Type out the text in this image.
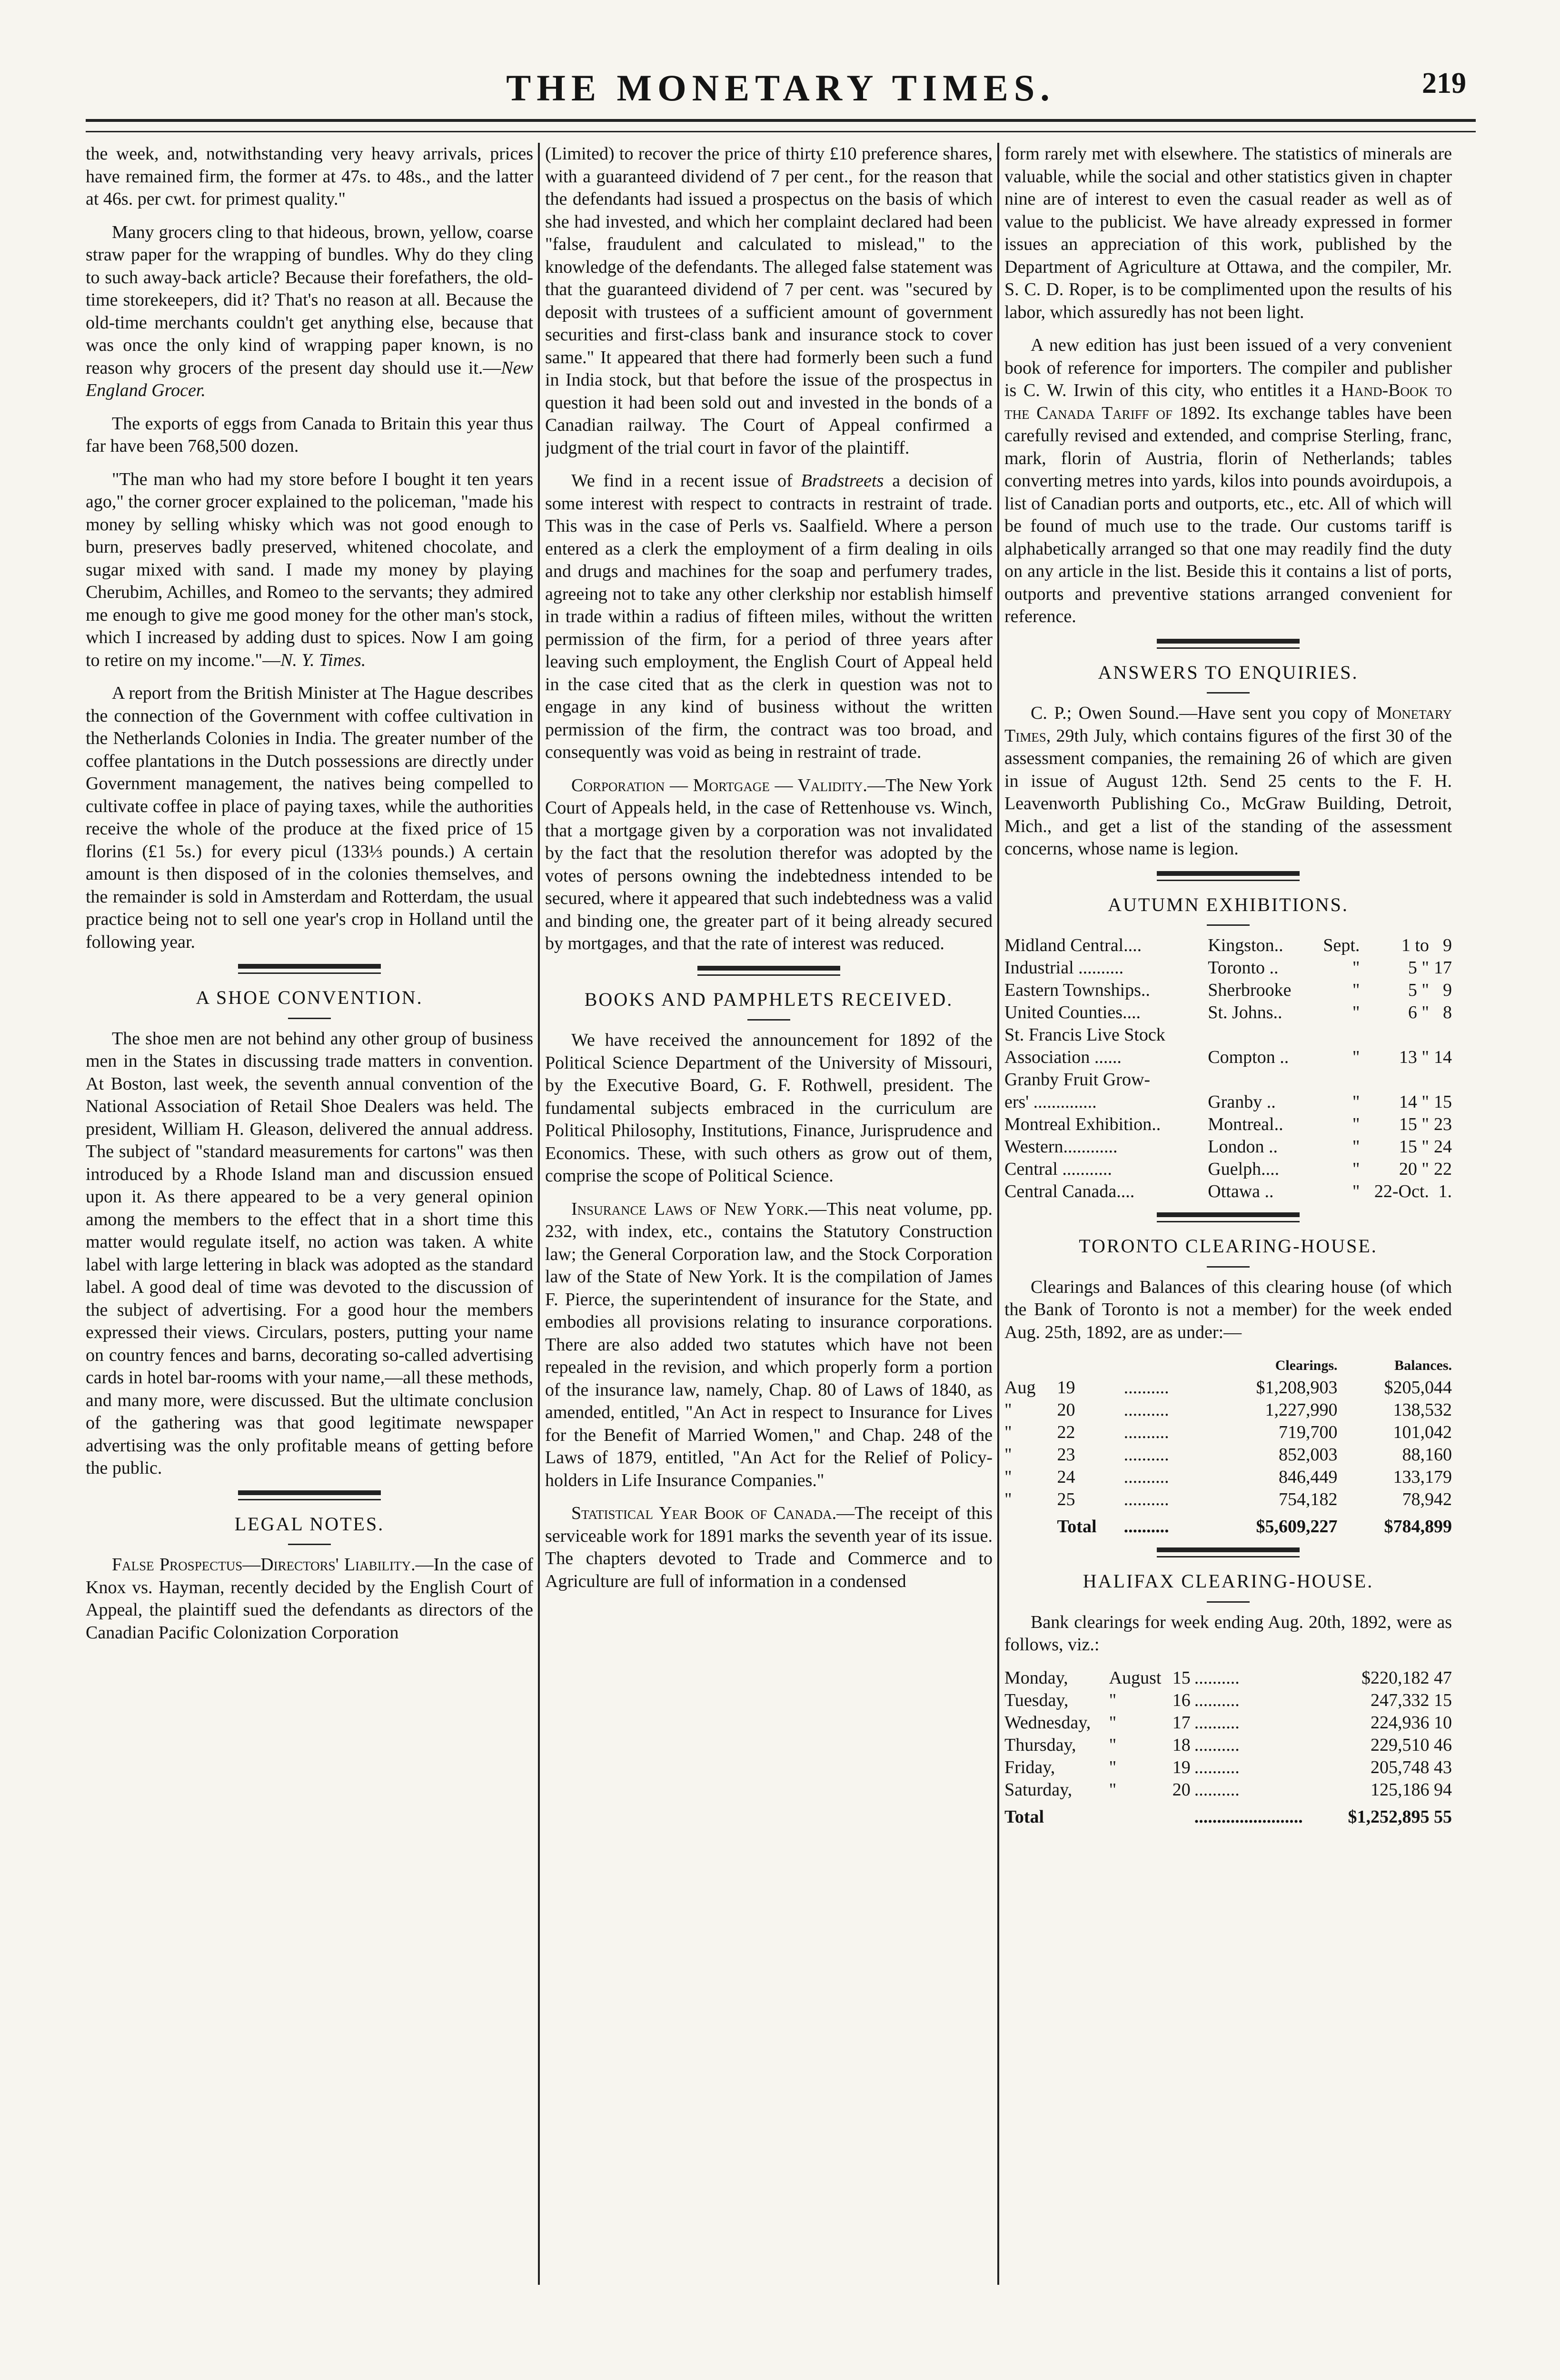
THE MONETARY TIMES.	219

the week, and, notwithstanding very heavy arrivals, prices have remained firm, the former at 47s. to 48s., and the latter at 46s. per cwt. for primest quality."

Many grocers cling to that hideous, brown, yellow, coarse straw paper for the wrapping of bundles. Why do they cling to such away-back article? Because their forefathers, the old-time storekeepers, did it? That's no reason at all. Because the old-time merchants couldn't get anything else, because that was once the only kind of wrapping paper known, is no reason why grocers of the present day should use it.—New England Grocer.

The exports of eggs from Canada to Britain this year thus far have been 768,500 dozen.

"The man who had my store before I bought it ten years ago," the corner grocer explained to the policeman, "made his money by selling whisky which was not good enough to burn, preserves badly preserved, whitened chocolate, and sugar mixed with sand. I made my money by playing Cherubim, Achilles, and Romeo to the servants; they admired me enough to give me good money for the other man's stock, which I increased by adding dust to spices. Now I am going to retire on my income."—N. Y. Times.

A report from the British Minister at The Hague describes the connection of the Government with coffee cultivation in the Netherlands Colonies in India. The greater number of the coffee plantations in the Dutch possessions are directly under Government management, the natives being compelled to cultivate coffee in place of paying taxes, while the authorities receive the whole of the produce at the fixed price of 15 florins (£1 5s.) for every picul (133⅓ pounds.) A certain amount is then disposed of in the colonies themselves, and the remainder is sold in Amsterdam and Rotterdam, the usual practice being not to sell one year's crop in Holland until the following year.

A SHOE CONVENTION.

The shoe men are not behind any other group of business men in the States in discussing trade matters in convention. At Boston, last week, the seventh annual convention of the National Association of Retail Shoe Dealers was held. The president, William H. Gleason, delivered the annual address. The subject of "standard measurements for cartons" was then introduced by a Rhode Island man and discussion ensued upon it. As there appeared to be a very general opinion among the members to the effect that in a short time this matter would regulate itself, no action was taken. A white label with large lettering in black was adopted as the standard label. A good deal of time was devoted to the discussion of the subject of advertising. For a good hour the members expressed their views. Circulars, posters, putting your name on country fences and barns, decorating so-called advertising cards in hotel bar-rooms with your name,—all these methods, and many more, were discussed. But the ultimate conclusion of the gathering was that good legitimate newspaper advertising was the only profitable means of getting before the public.

LEGAL NOTES.

False Prospectus—Directors' Liability.—In the case of Knox vs. Hayman, recently decided by the English Court of Appeal, the plaintiff sued the defendants as directors of the Canadian Pacific Colonization Corporation

(Limited) to recover the price of thirty £10 preference shares, with a guaranteed dividend of 7 per cent., for the reason that the defendants had issued a prospectus on the basis of which she had invested, and which her complaint declared had been "false, fraudulent and calculated to mislead," to the knowledge of the defendants. The alleged false statement was that the guaranteed dividend of 7 per cent. was "secured by deposit with trustees of a sufficient amount of government securities and first-class bank and insurance stock to cover same." It appeared that there had formerly been such a fund in India stock, but that before the issue of the prospectus in question it had been sold out and invested in the bonds of a Canadian railway. The Court of Appeal confirmed a judgment of the trial court in favor of the plaintiff.

We find in a recent issue of Bradstreets a decision of some interest with respect to contracts in restraint of trade. This was in the case of Perls vs. Saalfield. Where a person entered as a clerk the employment of a firm dealing in oils and drugs and machines for the soap and perfumery trades, agreeing not to take any other clerkship nor establish himself in trade within a radius of fifteen miles, without the written permission of the firm, for a period of three years after leaving such employment, the English Court of Appeal held in the case cited that as the clerk in question was not to engage in any kind of business without the written permission of the firm, the contract was too broad, and consequently was void as being in restraint of trade.

Corporation — Mortgage — Validity.—The New York Court of Appeals held, in the case of Rettenhouse vs. Winch, that a mortgage given by a corporation was not invalidated by the fact that the resolution therefor was adopted by the votes of persons owning the indebtedness intended to be secured, where it appeared that such indebtedness was a valid and binding one, the greater part of it being already secured by mortgages, and that the rate of interest was reduced.

BOOKS AND PAMPHLETS RECEIVED.

We have received the announcement for 1892 of the Political Science Department of the University of Missouri, by the Executive Board, G. F. Rothwell, president. The fundamental subjects embraced in the curriculum are Political Philosophy, Institutions, Finance, Jurisprudence and Economics. These, with such others as grow out of them, comprise the scope of Political Science.

Insurance Laws of New York.—This neat volume, pp. 232, with index, etc., contains the Statutory Construction law; the General Corporation law, and the Stock Corporation law of the State of New York. It is the compilation of James F. Pierce, the superintendent of insurance for the State, and embodies all provisions relating to insurance corporations. There are also added two statutes which have not been repealed in the revision, and which properly form a portion of the insurance law, namely, Chap. 80 of Laws of 1840, as amended, entitled, "An Act in respect to Insurance for Lives for the Benefit of Married Women," and Chap. 248 of the Laws of 1879, entitled, "An Act for the Relief of Policy-holders in Life Insurance Companies."

Statistical Year Book of Canada.—The receipt of this serviceable work for 1891 marks the seventh year of its issue. The chapters devoted to Trade and Commerce and to Agriculture are full of information in a condensed

form rarely met with elsewhere. The statistics of minerals are valuable, while the social and other statistics given in chapter nine are of interest to even the casual reader as well as of value to the publicist. We have already expressed in former issues an appreciation of this work, published by the Department of Agriculture at Ottawa, and the compiler, Mr. S. C. D. Roper, is to be complimented upon the results of his labor, which assuredly has not been light.

A new edition has just been issued of a very convenient book of reference for importers. The compiler and publisher is C. W. Irwin of this city, who entitles it a Hand-Book to the Canada Tariff of 1892. Its exchange tables have been carefully revised and extended, and comprise Sterling, franc, mark, florin of Austria, florin of Netherlands; tables converting metres into yards, kilos into pounds avoirdupois, a list of Canadian ports and outports, etc., etc. All of which will be found of much use to the trade. Our customs tariff is alphabetically arranged so that one may readily find the duty on any article in the list. Beside this it contains a list of ports, outports and preventive stations arranged convenient for reference.

ANSWERS TO ENQUIRIES.

C. P.; Owen Sound.—Have sent you copy of Monetary Times, 29th July, which contains figures of the first 30 of the assessment companies, the remaining 26 of which are given in issue of August 12th. Send 25 cents to the F. H. Leavenworth Publishing Co., McGraw Building, Detroit, Mich., and get a list of the standing of the assessment concerns, whose name is legion.

AUTUMN EXHIBITIONS.
Midland Central....	Kingston..	Sept.	1 to	9
Industrial ..........	Toronto ..	"	5 "	17
Eastern Townships..	Sherbrooke	"	5 "	9
United Counties....	St. Johns..	"	6 "	8
St. Francis Live Stock				
Association ......	Compton ..	"	13 "	14
Granby Fruit Grow-				
ers' ..............	Granby ..	"	14 "	15
Montreal Exhibition..	Montreal..	"	15 "	23
Western............	London ..	"	15 "	24
Central ...........	Guelph....	"	20 "	22
Central Canada....	Ottawa ..	"	22-Oct.	1.
TORONTO CLEARING-HOUSE.

Clearings and Balances of this clearing house (of which the Bank of Toronto is not a member) for the week ended Aug. 25th, 1892, are as under:—

			Clearings.	Balances.
Aug	19	..........	$1,208,903	$205,044
"	20	..........	1,227,990	138,532
"	22	..........	719,700	101,042
"	23	..........	852,003	88,160
"	24	..........	846,449	133,179
"	25	..........	754,182	78,942
	Total	..........	$5,609,227	$784,899
HALIFAX CLEARING-HOUSE.

Bank clearings for week ending Aug. 20th, 1892, were as follows, viz.:

Monday,	August	15	..........	$220,182 47
Tuesday,	"	16	..........	247,332 15
Wednesday,	"	17	..........	224,936 10
Thursday,	"	18	..........	229,510 46
Friday,	"	19	..........	205,748 43
Saturday,	"	20	..........	125,186 94
Total			........................	$1,252,895 55
